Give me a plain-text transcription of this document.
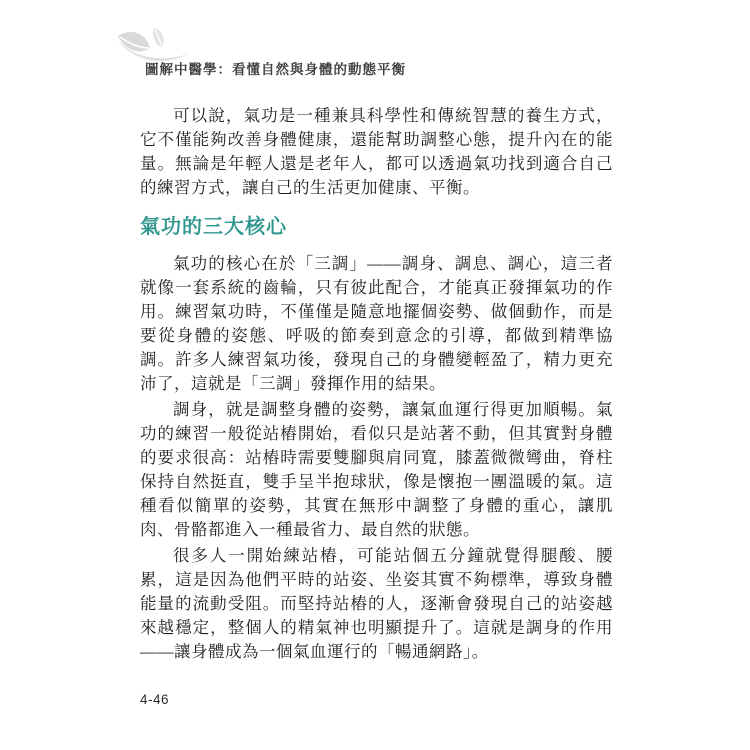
圖解中醫學：看懂自然與身體的動態平衡

可以說，氣功是一種兼具科學性和傳統智慧的養生方式，它不僅能夠改善身體健康，還能幫助調整心態，提升內在的能量。無論是年輕人還是老年人，都可以透過氣功找到適合自己的練習方式，讓自己的生活更加健康、平衡。

氣功的三大核心

氣功的核心在於「三調」——調身、調息、調心，這三者就像一套系統的齒輪，只有彼此配合，才能真正發揮氣功的作用。練習氣功時，不僅僅是隨意地擺個姿勢、做個動作，而是要從身體的姿態、呼吸的節奏到意念的引導，都做到精準協調。許多人練習氣功後，發現自己的身體變輕盈了，精力更充沛了，這就是「三調」發揮作用的結果。

調身，就是調整身體的姿勢，讓氣血運行得更加順暢。氣功的練習一般從站樁開始，看似只是站著不動，但其實對身體的要求很高：站樁時需要雙腳與肩同寬，膝蓋微微彎曲，脊柱保持自然挺直，雙手呈半抱球狀，像是懷抱一團溫暖的氣。這種看似簡單的姿勢，其實在無形中調整了身體的重心，讓肌肉、骨骼都進入一種最省力、最自然的狀態。

很多人一開始練站樁，可能站個五分鐘就覺得腿酸、腰累，這是因為他們平時的站姿、坐姿其實不夠標準，導致身體能量的流動受阻。而堅持站樁的人，逐漸會發現自己的站姿越來越穩定，整個人的精氣神也明顯提升了。這就是調身的作用——讓身體成為一個氣血運行的「暢通網路」。

4-46
